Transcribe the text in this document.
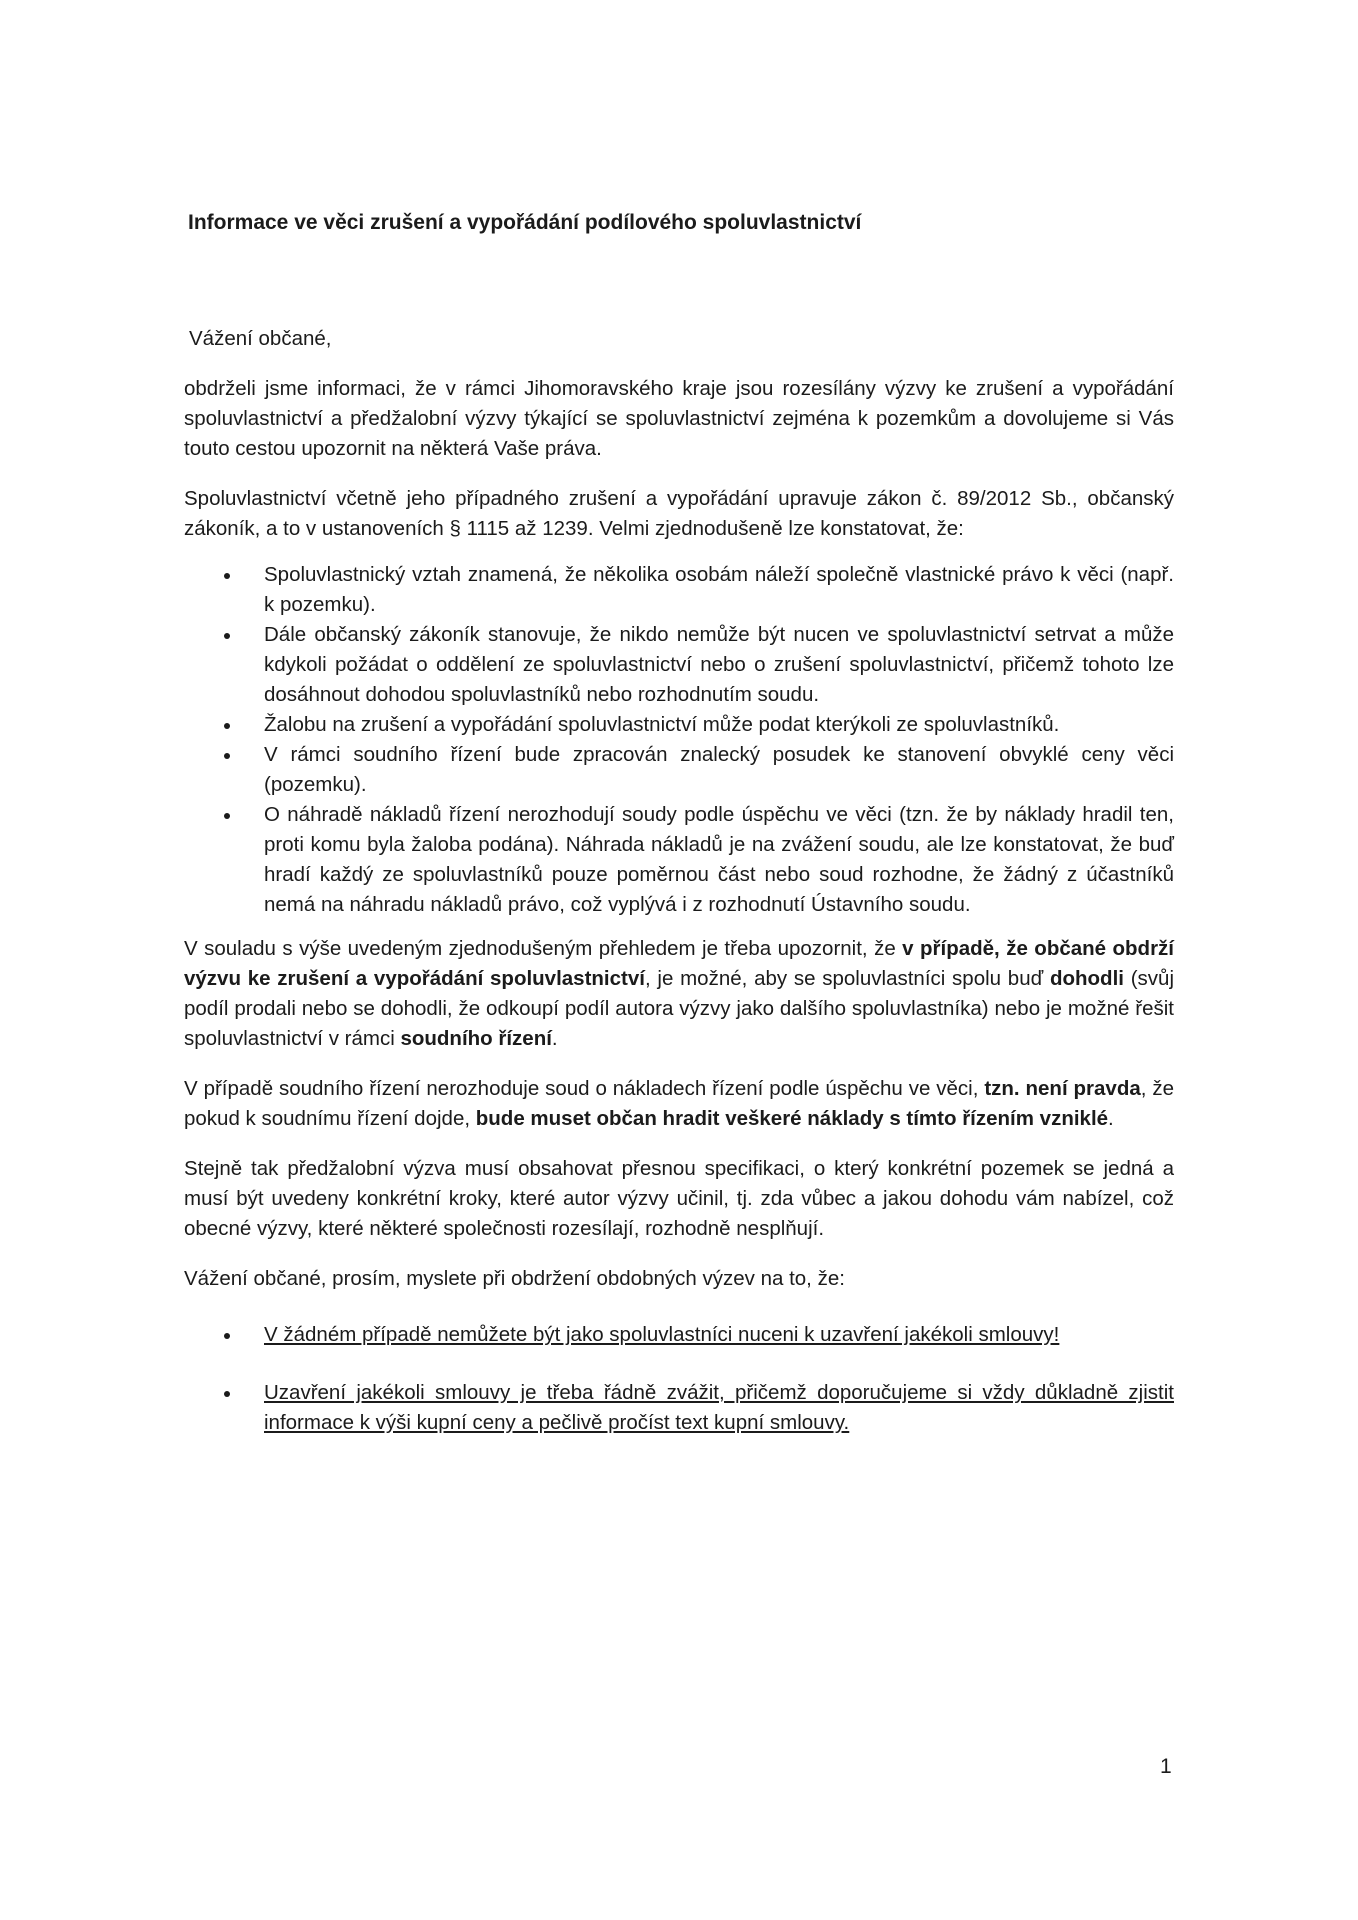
Informace ve věci zrušení a vypořádání podílového spoluvlastnictví

Vážení občané,

obdrželi jsme informaci, že v rámci Jihomoravského kraje jsou rozesílány výzvy ke zrušení a vypořádání spoluvlastnictví a předžalobní výzvy týkající se spoluvlastnictví zejména k pozemkům a dovolujeme si Vás touto cestou upozornit na některá Vaše práva.

Spoluvlastnictví včetně jeho případného zrušení a vypořádání upravuje zákon č. 89/2012 Sb., občanský zákoník, a to v ustanoveních § 1115 až 1239. Velmi zjednodušeně lze konstatovat, že:

Spoluvlastnický vztah znamená, že několika osobám náleží společně vlastnické právo k věci (např. k pozemku).
Dále občanský zákoník stanovuje, že nikdo nemůže být nucen ve spoluvlastnictví setrvat a může kdykoli požádat o oddělení ze spoluvlastnictví nebo o zrušení spoluvlastnictví, přičemž tohoto lze dosáhnout dohodou spoluvlastníků nebo rozhodnutím soudu.
Žalobu na zrušení a vypořádání spoluvlastnictví může podat kterýkoli ze spoluvlastníků.
V rámci soudního řízení bude zpracován znalecký posudek ke stanovení obvyklé ceny věci (pozemku).
O náhradě nákladů řízení nerozhodují soudy podle úspěchu ve věci (tzn. že by náklady hradil ten, proti komu byla žaloba podána). Náhrada nákladů je na zvážení soudu, ale lze konstatovat, že buď hradí každý ze spoluvlastníků pouze poměrnou část nebo soud rozhodne, že žádný z účastníků nemá na náhradu nákladů právo, což vyplývá i z rozhodnutí Ústavního soudu.

V souladu s výše uvedeným zjednodušeným přehledem je třeba upozornit, že v případě, že občané obdrží výzvu ke zrušení a vypořádání spoluvlastnictví, je možné, aby se spoluvlastníci spolu buď dohodli (svůj podíl prodali nebo se dohodli, že odkoupí podíl autora výzvy jako dalšího spoluvlastníka) nebo je možné řešit spoluvlastnictví v rámci soudního řízení.

V případě soudního řízení nerozhoduje soud o nákladech řízení podle úspěchu ve věci, tzn. není pravda, že pokud k soudnímu řízení dojde, bude muset občan hradit veškeré náklady s tímto řízením vzniklé.

Stejně tak předžalobní výzva musí obsahovat přesnou specifikaci, o který konkrétní pozemek se jedná a musí být uvedeny konkrétní kroky, které autor výzvy učinil, tj. zda vůbec a jakou dohodu vám nabízel, což obecné výzvy, které některé společnosti rozesílají, rozhodně nesplňují.

Vážení občané, prosím, myslete při obdržení obdobných výzev na to, že:

V žádném případě nemůžete být jako spoluvlastníci nuceni k uzavření jakékoli smlouvy!
Uzavření jakékoli smlouvy je třeba řádně zvážit, přičemž doporučujeme si vždy důkladně zjistit informace k výši kupní ceny a pečlivě pročíst text kupní smlouvy.
1
